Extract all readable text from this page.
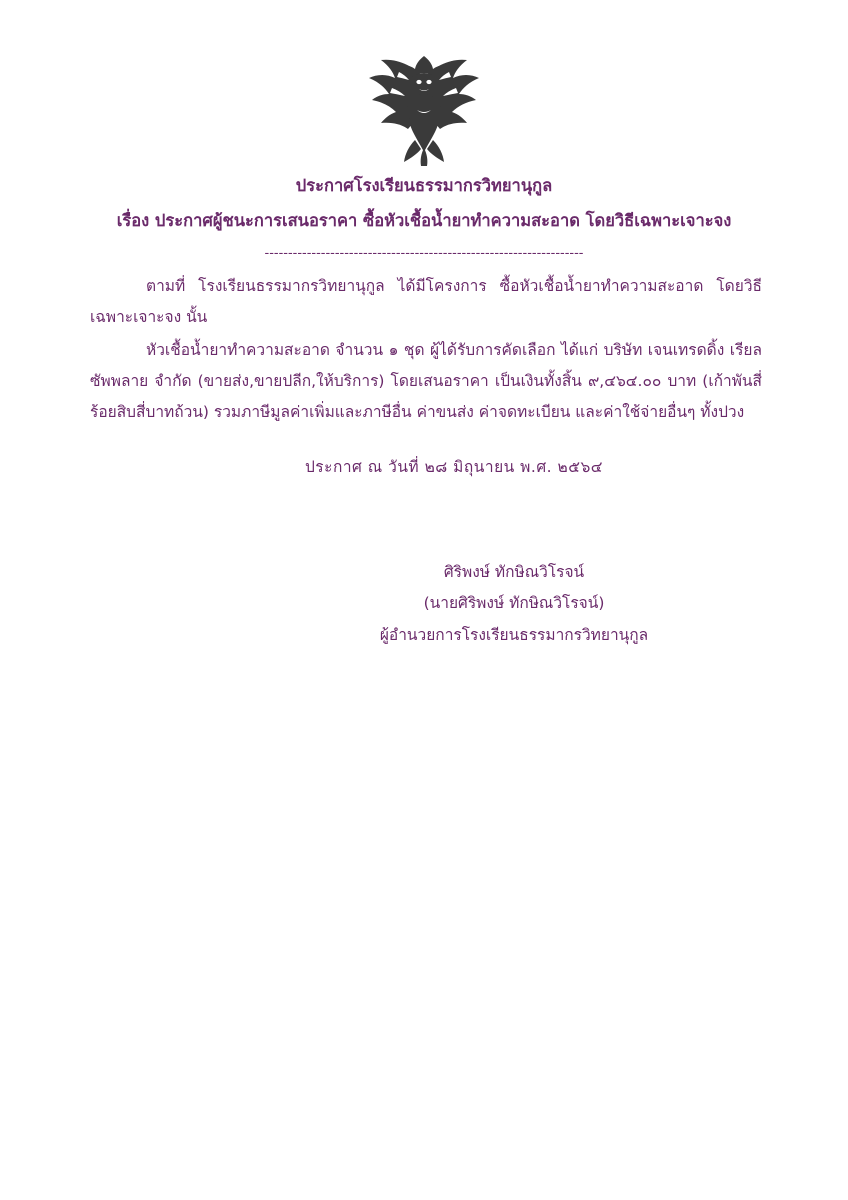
ประกาศโรงเรียนธรรมากรวิทยานุกูล
เรื่อง ประกาศผู้ชนะการเสนอราคา ซื้อหัวเชื้อน้ำยาทำความสะอาด โดยวิธีเฉพาะเจาะจง
--------------------------------------------------------------------

ตามที่ โรงเรียนธรรมากรวิทยานุกูล ได้มีโครงการ ซื้อหัวเชื้อน้ำยาทำความสะอาด โดยวิธีเฉพาะเจาะจง นั้น

หัวเชื้อน้ำยาทำความสะอาด จำนวน ๑ ชุด ผู้ได้รับการคัดเลือก ได้แก่ บริษัท เจนเทรดดิ้ง เรียล ซัพพลาย จำกัด (ขายส่ง,ขายปลีก,ให้บริการ) โดยเสนอราคา เป็นเงินทั้งสิ้น ๙,๔๖๔.๐๐ บาท (เก้าพันสี่ร้อยสิบสี่บาทถ้วน) รวมภาษีมูลค่าเพิ่มและภาษีอื่น ค่าขนส่ง ค่าจดทะเบียน และค่าใช้จ่ายอื่นๆ ทั้งปวง

ประกาศ ณ วันที่ ๒๘ มิถุนายน พ.ศ. ๒๕๖๔
ศิริพงษ์ ทักษิณวิโรจน์
(นายศิริพงษ์ ทักษิณวิโรจน์)
ผู้อำนวยการโรงเรียนธรรมากรวิทยานุกูล
